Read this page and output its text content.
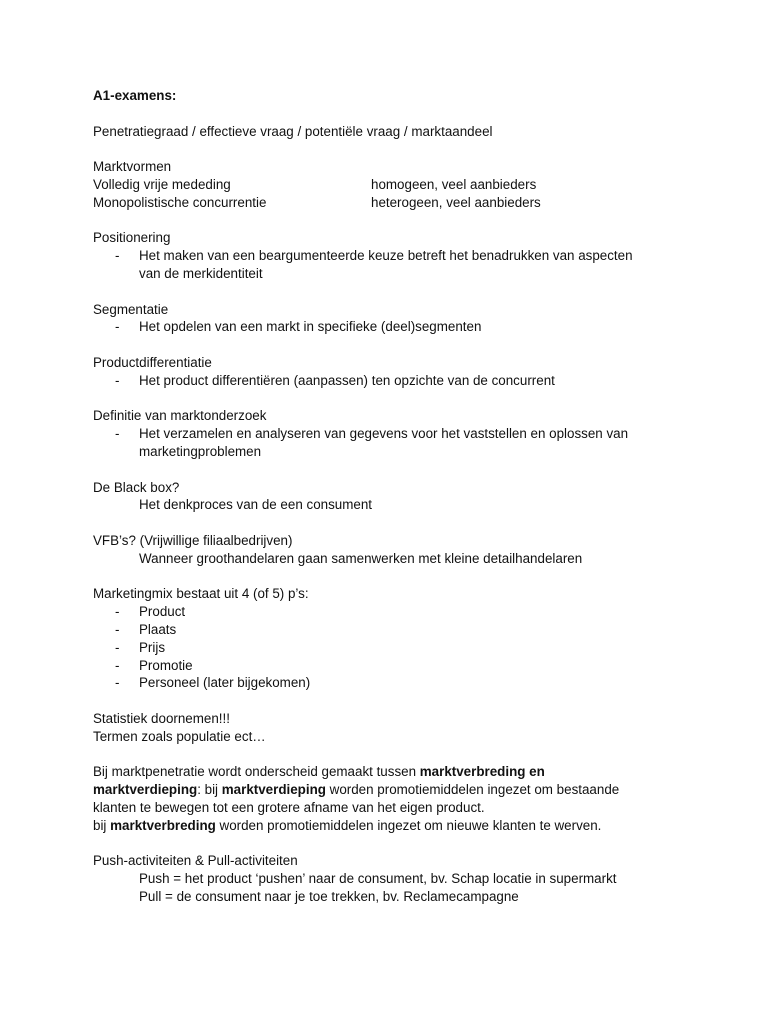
A1-examens:
Penetratiegraad / effectieve vraag / potentiële vraag / marktaandeel
Marktvormen
Volledig vrije mededing	homogeen, veel aanbieders
Monopolistische concurrentie	heterogeen, veel aanbieders
Positionering
-	Het maken van een beargumenteerde keuze betreft het benadrukken van aspecten
van de merkidentiteit
Segmentatie
-	Het opdelen van een markt in specifieke (deel)segmenten
Productdifferentiatie
-	Het product differentiëren (aanpassen) ten opzichte van de concurrent
Definitie van marktonderzoek
-	Het verzamelen en analyseren van gegevens voor het vaststellen en oplossen van
marketingproblemen
De Black box?
Het denkproces van de een consument
VFB’s? (Vrijwillige filiaalbedrijven)
Wanneer groothandelaren gaan samenwerken met kleine detailhandelaren
Marketingmix bestaat uit 4 (of 5) p’s:
-	Product
-	Plaats
-	Prijs
-	Promotie
-	Personeel (later bijgekomen)
Statistiek doornemen!!!
Termen zoals populatie ect…
Bij marktpenetratie wordt onderscheid gemaakt tussen marktverbreding en
marktverdieping: bij marktverdieping worden promotiemiddelen ingezet om bestaande
klanten te bewegen tot een grotere afname van het eigen product.
bij marktverbreding worden promotiemiddelen ingezet om nieuwe klanten te werven.
Push-activiteiten & Pull-activiteiten
Push = het product ‘pushen’ naar de consument, bv. Schap locatie in supermarkt
Pull = de consument naar je toe trekken, bv. Reclamecampagne
